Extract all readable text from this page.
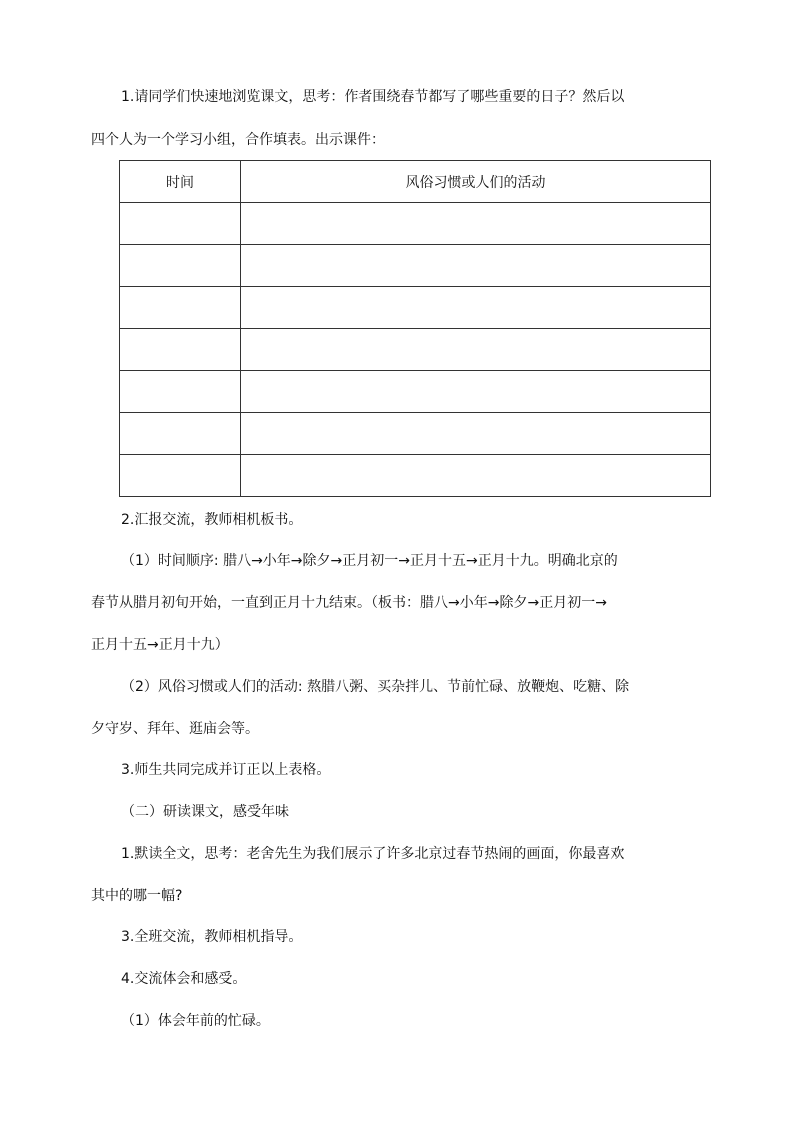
1.请同学们快速地浏览课文，思考：作者围绕春节都写了哪些重要的日子？然后以
四个人为一个学习小组，合作填表。出示课件：
时间	风俗习惯或人们的活动

2.汇报交流，教师相机板书。
（1）时间顺序: 腊八→小年→除夕→正月初一→正月十五→正月十九。明确北京的
春节从腊月初旬开始，一直到正月十九结束。（板书：腊八→小年→除夕→正月初一→
正月十五→正月十九）
（2）风俗习惯或人们的活动: 熬腊八粥、买杂拌儿、节前忙碌、放鞭炮、吃糖、除
夕守岁、拜年、逛庙会等。
3.师生共同完成并订正以上表格。
（二）研读课文，感受年味
1.默读全文，思考：老舍先生为我们展示了许多北京过春节热闹的画面，你最喜欢
其中的哪一幅?
3.全班交流，教师相机指导。
4.交流体会和感受。
（1）体会年前的忙碌。
